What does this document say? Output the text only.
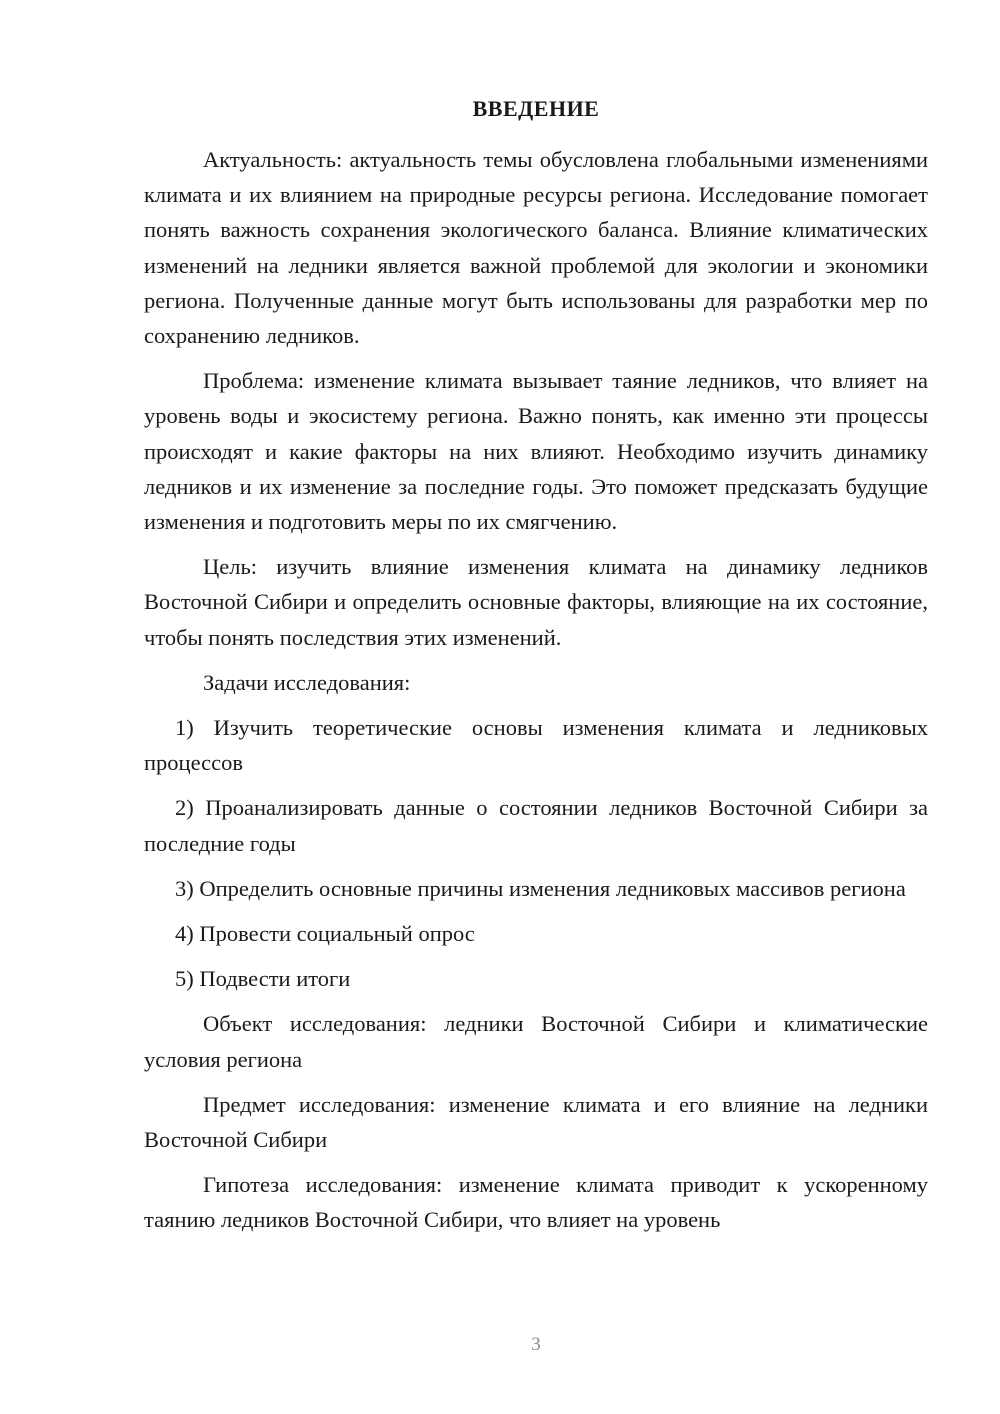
ВВЕДЕНИЕ

Актуальность: актуальность темы обусловлена глобальными изменениями климата и их влиянием на природные ресурсы региона. Исследование помогает понять важность сохранения экологического баланса. Влияние климатических изменений на ледники является важной проблемой для экологии и экономики региона. Полученные данные могут быть использованы для разработки мер по сохранению ледников.

Проблема: изменение климата вызывает таяние ледников, что влияет на уровень воды и экосистему региона. Важно понять, как именно эти процессы происходят и какие факторы на них влияют. Необходимо изучить динамику ледников и их изменение за последние годы. Это поможет предсказать будущие изменения и подготовить меры по их смягчению.

Цель: изучить влияние изменения климата на динамику ледников Восточной Сибири и определить основные факторы, влияющие на их состояние, чтобы понять последствия этих изменений.

Задачи исследования:

1) Изучить теоретические основы изменения климата и ледниковых процессов

2) Проанализировать данные о состоянии ледников Восточной Сибири за последние годы

3) Определить основные причины изменения ледниковых массивов региона

4) Провести социальный опрос

5) Подвести итоги

Объект исследования: ледники Восточной Сибири и климатические условия региона

Предмет исследования: изменение климата и его влияние на ледники Восточной Сибири

Гипотеза исследования: изменение климата приводит к ускоренному таянию ледников Восточной Сибири, что влияет на уровень

3
